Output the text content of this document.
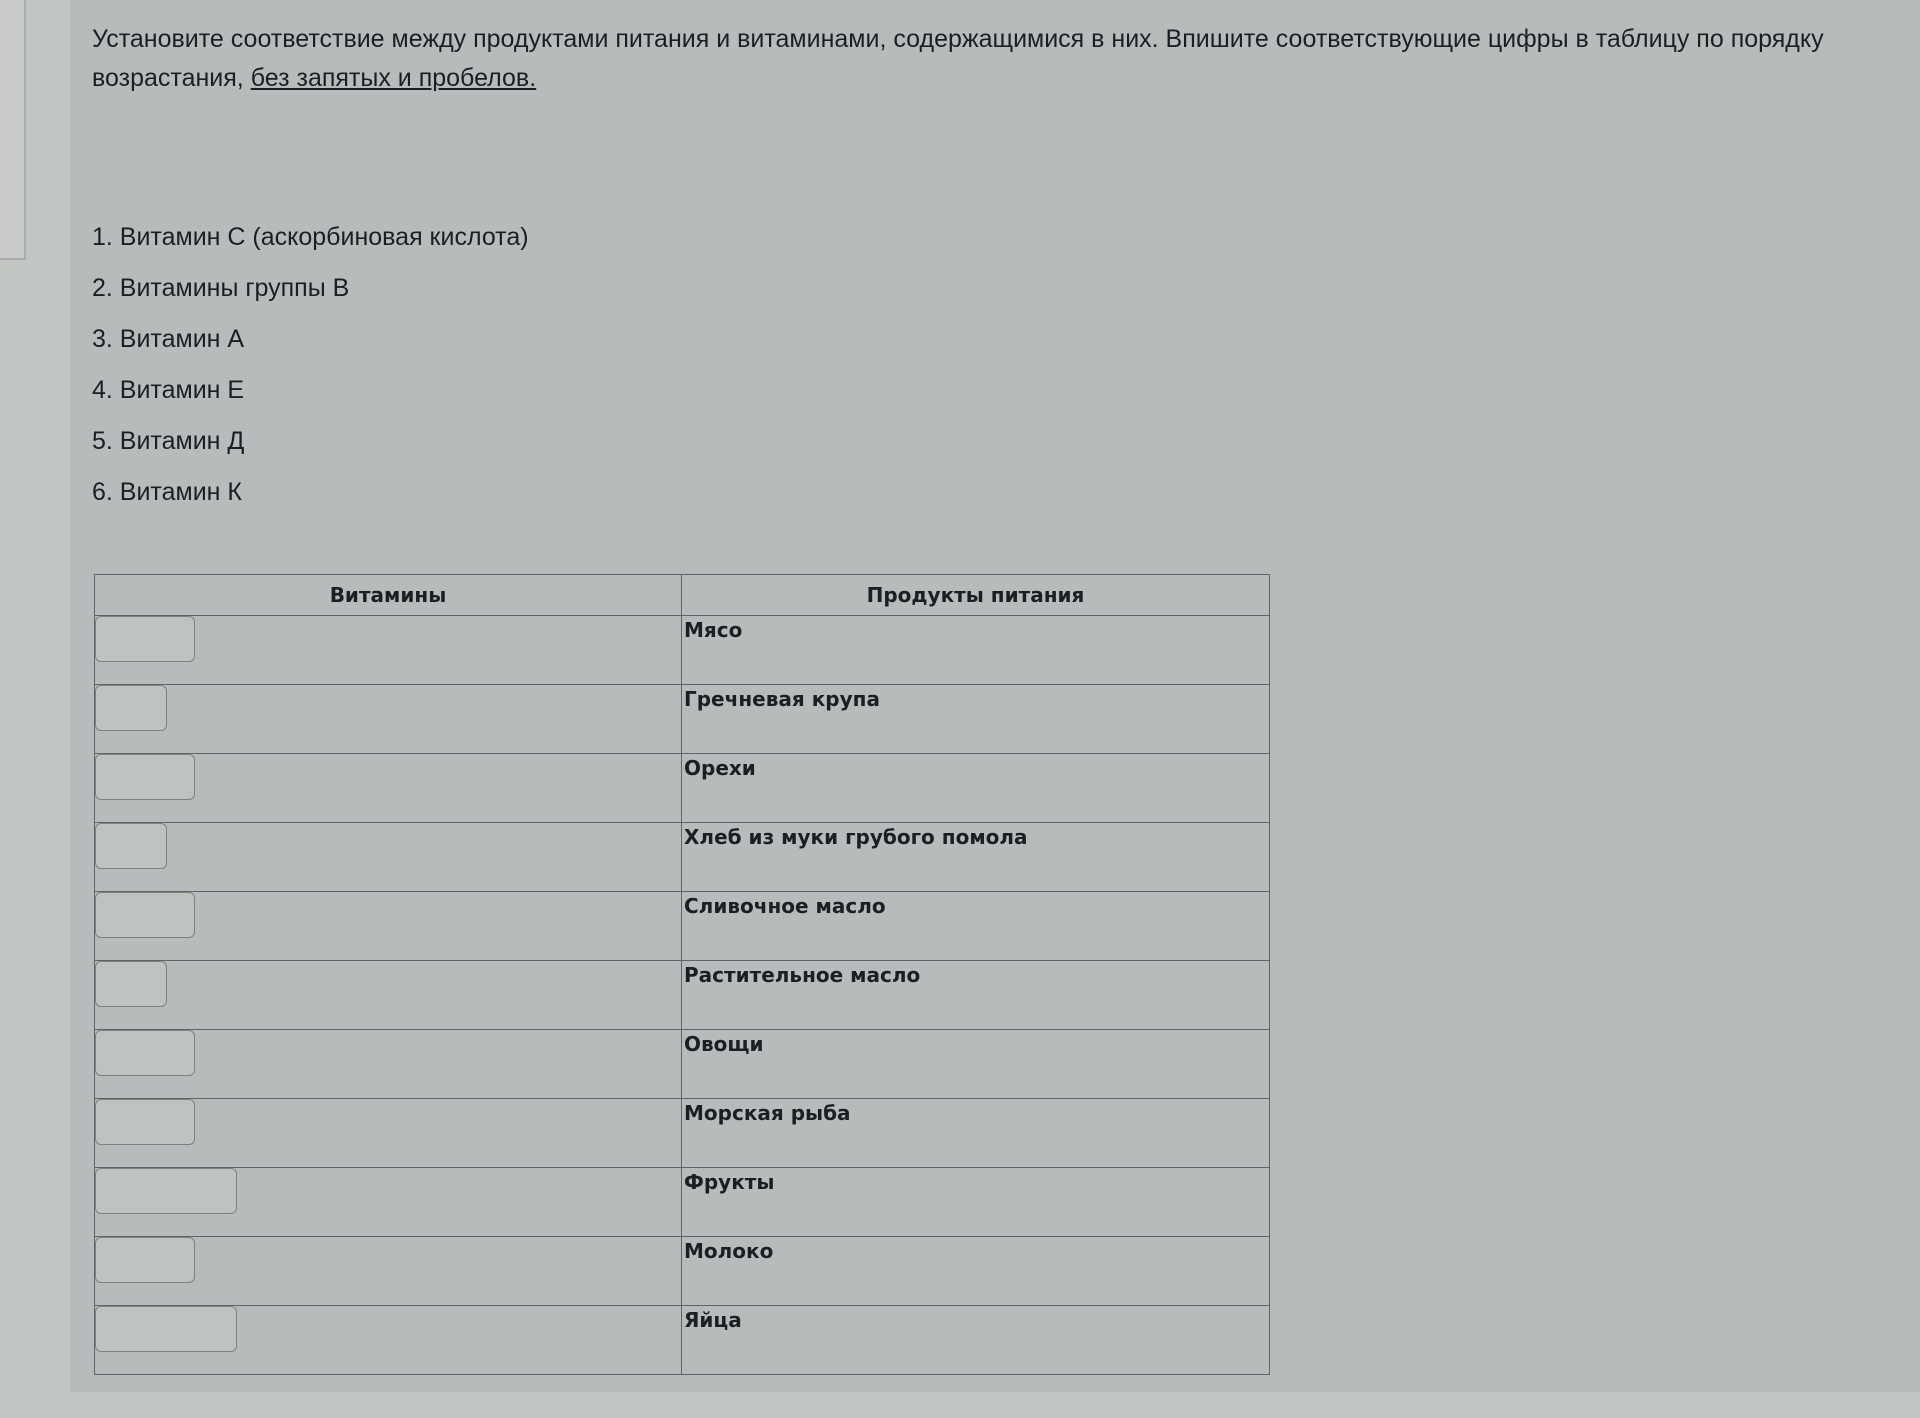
Установите соответствие между продуктами питания и витаминами, содержащимися в них. Впишите соответствующие цифры в таблицу по порядку
возрастания, без запятых и пробелов.
1. Витамин С (аскорбиновая кислота)
2. Витамины группы В
3. Витамин А
4. Витамин Е
5. Витамин Д
6. Витамин К
Витамины	Продукты питания

	Мясо

	Гречневая крупа

	Орехи

	Хлеб из муки грубого помола

	Сливочное масло

	Растительное масло

	Овощи

	Морская рыба

	Фрукты

	Молоко

	Яйца
